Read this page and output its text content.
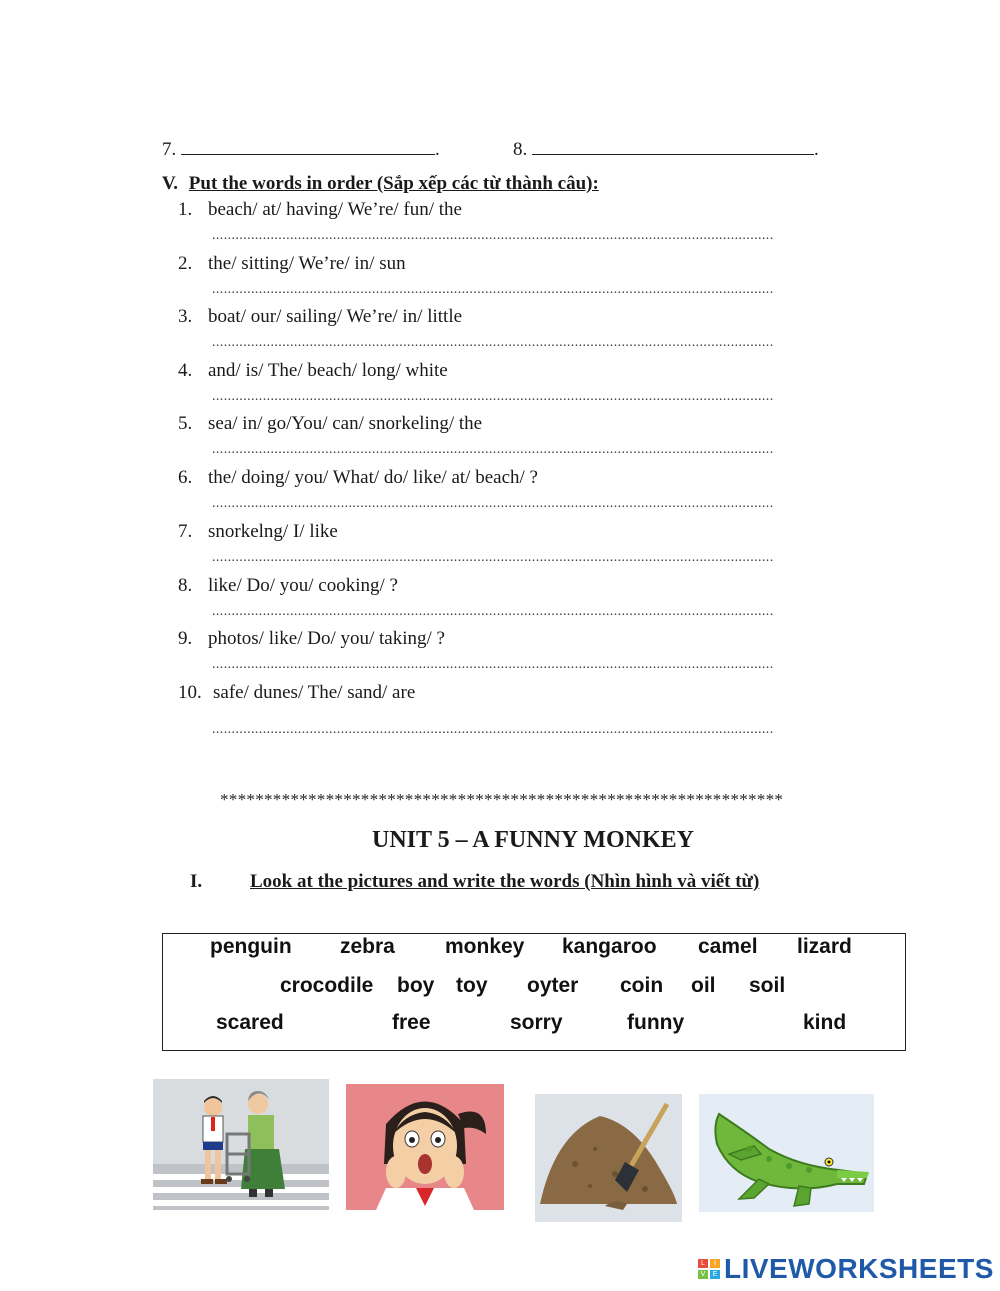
7.	.	8.	.
V. Put the words in order (Sắp xếp các từ thành câu):
1. beach/ at/ having/ We’re/ fun/ the
................................................................................................................................................
2. the/ sitting/ We’re/ in/ sun
................................................................................................................................................
3. boat/ our/ sailing/ We’re/ in/ little
................................................................................................................................................
4. and/ is/ The/ beach/ long/ white
................................................................................................................................................
5. sea/ in/ go/You/ can/ snorkeling/ the
................................................................................................................................................
6. the/ doing/ you/ What/ do/ like/ at/ beach/ ?
................................................................................................................................................
7. snorkelng/ I/ like
................................................................................................................................................
8. like/ Do/ you/ cooking/ ?
................................................................................................................................................
9. photos/ like/ Do/ you/ taking/ ?
................................................................................................................................................
10. safe/ dunes/ The/ sand/ are
................................................................................................................................................
****************************************************************
UNIT 5 – A FUNNY MONKEY
I.	Look at the pictures and write the words (Nhìn hình và viết từ)
penguin zebra monkey kangaroo camel lizard
crocodile boy toy oyter coin oil soil
scared	free	sorry	funny	kind
L	I
V	E LIVEWORKSHEETS
